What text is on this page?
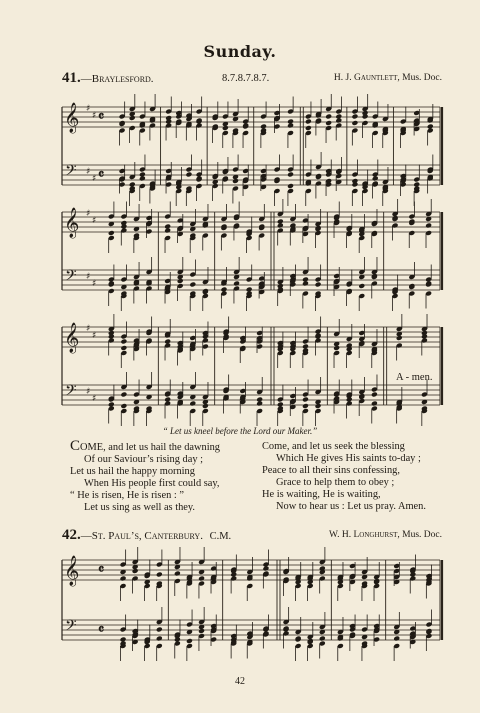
Sunday.
41.—Braylesford.	8.7.8.7.8.7.	H. J. Gauntlett, Mus. Doc.
𝄞
𝄢
♯
♯
♯
♯
𝄴
𝄴
𝄞
𝄢
♯
♯
♯
♯
𝄞
𝄢
♯
♯
♯
♯
𝄞
𝄢
𝄴
𝄴
A - men.
“ Let us kneel before the Lord our Maker.”
COME, and let us hail the dawning
Of our Saviour’s rising day ;
Let us hail the happy morning
When His people first could say,
“ He is risen, He is risen : ”
Let us sing as well as they.
Come, and let us seek the blessing
Which He gives His saints to-day ;
Peace to all their sins confessing,
Grace to help them to obey ;
He is waiting, He is waiting,
Now to hear us : Let us pray. Amen.
42.—St. Paul’s, Canterbury. C.M.	W. H. Longhurst, Mus. Doc.
42
